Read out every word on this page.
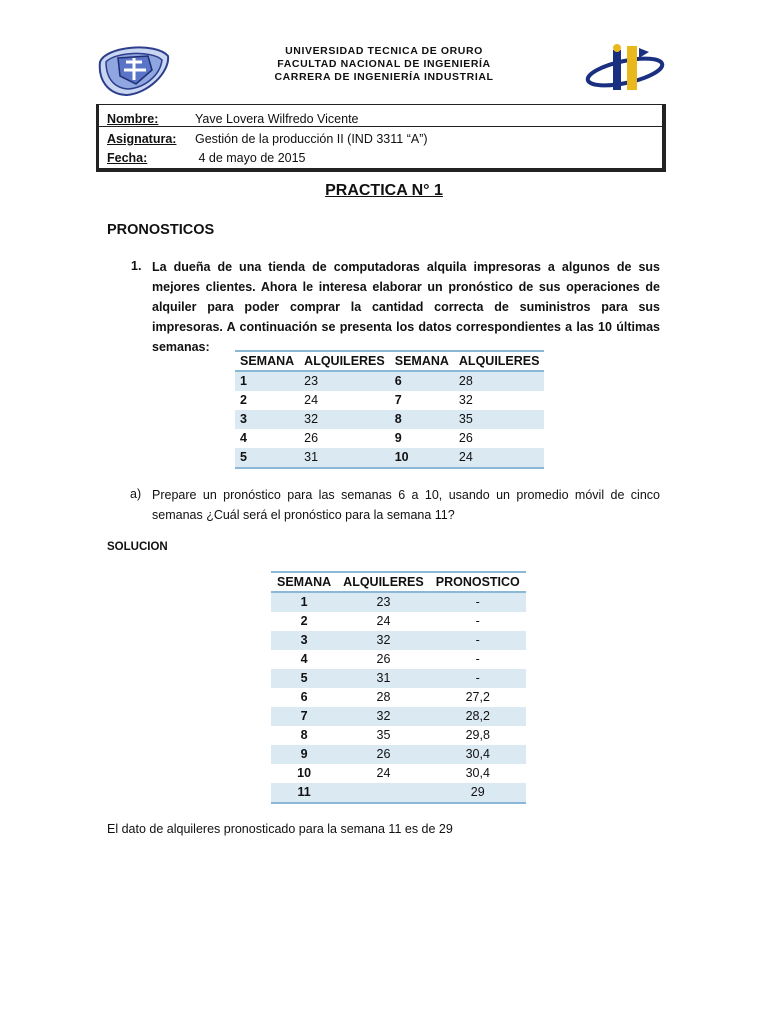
UNIVERSIDAD TECNICA DE ORURO
FACULTAD NACIONAL DE INGENIERÍA
CARRERA DE INGENIERÍA INDUSTRIAL
Nombre:	Yave Lovera Wilfredo Vicente
Asignatura: Gestión de la producción II (IND 3311 “A”)
Fecha:	4 de mayo de 2015
PRACTICA N° 1
PRONOSTICOS
1. La dueña de una tienda de computadoras alquila impresoras a algunos de sus mejores clientes. Ahora le interesa elaborar un pronóstico de sus operaciones de alquiler para poder comprar la cantidad correcta de suministros para sus impresoras. A continuación se presenta los datos correspondientes a las 10 últimas semanas:

SEMANA	ALQUILERES	SEMANA	ALQUILERES
1	23	6	28
2	24	7	32
3	32	8	35
4	26	9	26
5	31	10	24
a) Prepare un pronóstico para las semanas 6 a 10, usando un promedio móvil de cinco semanas ¿Cuál será el pronóstico para la semana 11?

SOLUCION
SEMANA	ALQUILERES	PRONOSTICO
1	23	-
2	24	-
3	32	-
4	26	-
5	31	-
6	28	27,2
7	32	28,2
8	35	29,8
9	26	30,4
10	24	30,4
11		29
El dato de alquileres pronosticado para la semana 11 es de 29
